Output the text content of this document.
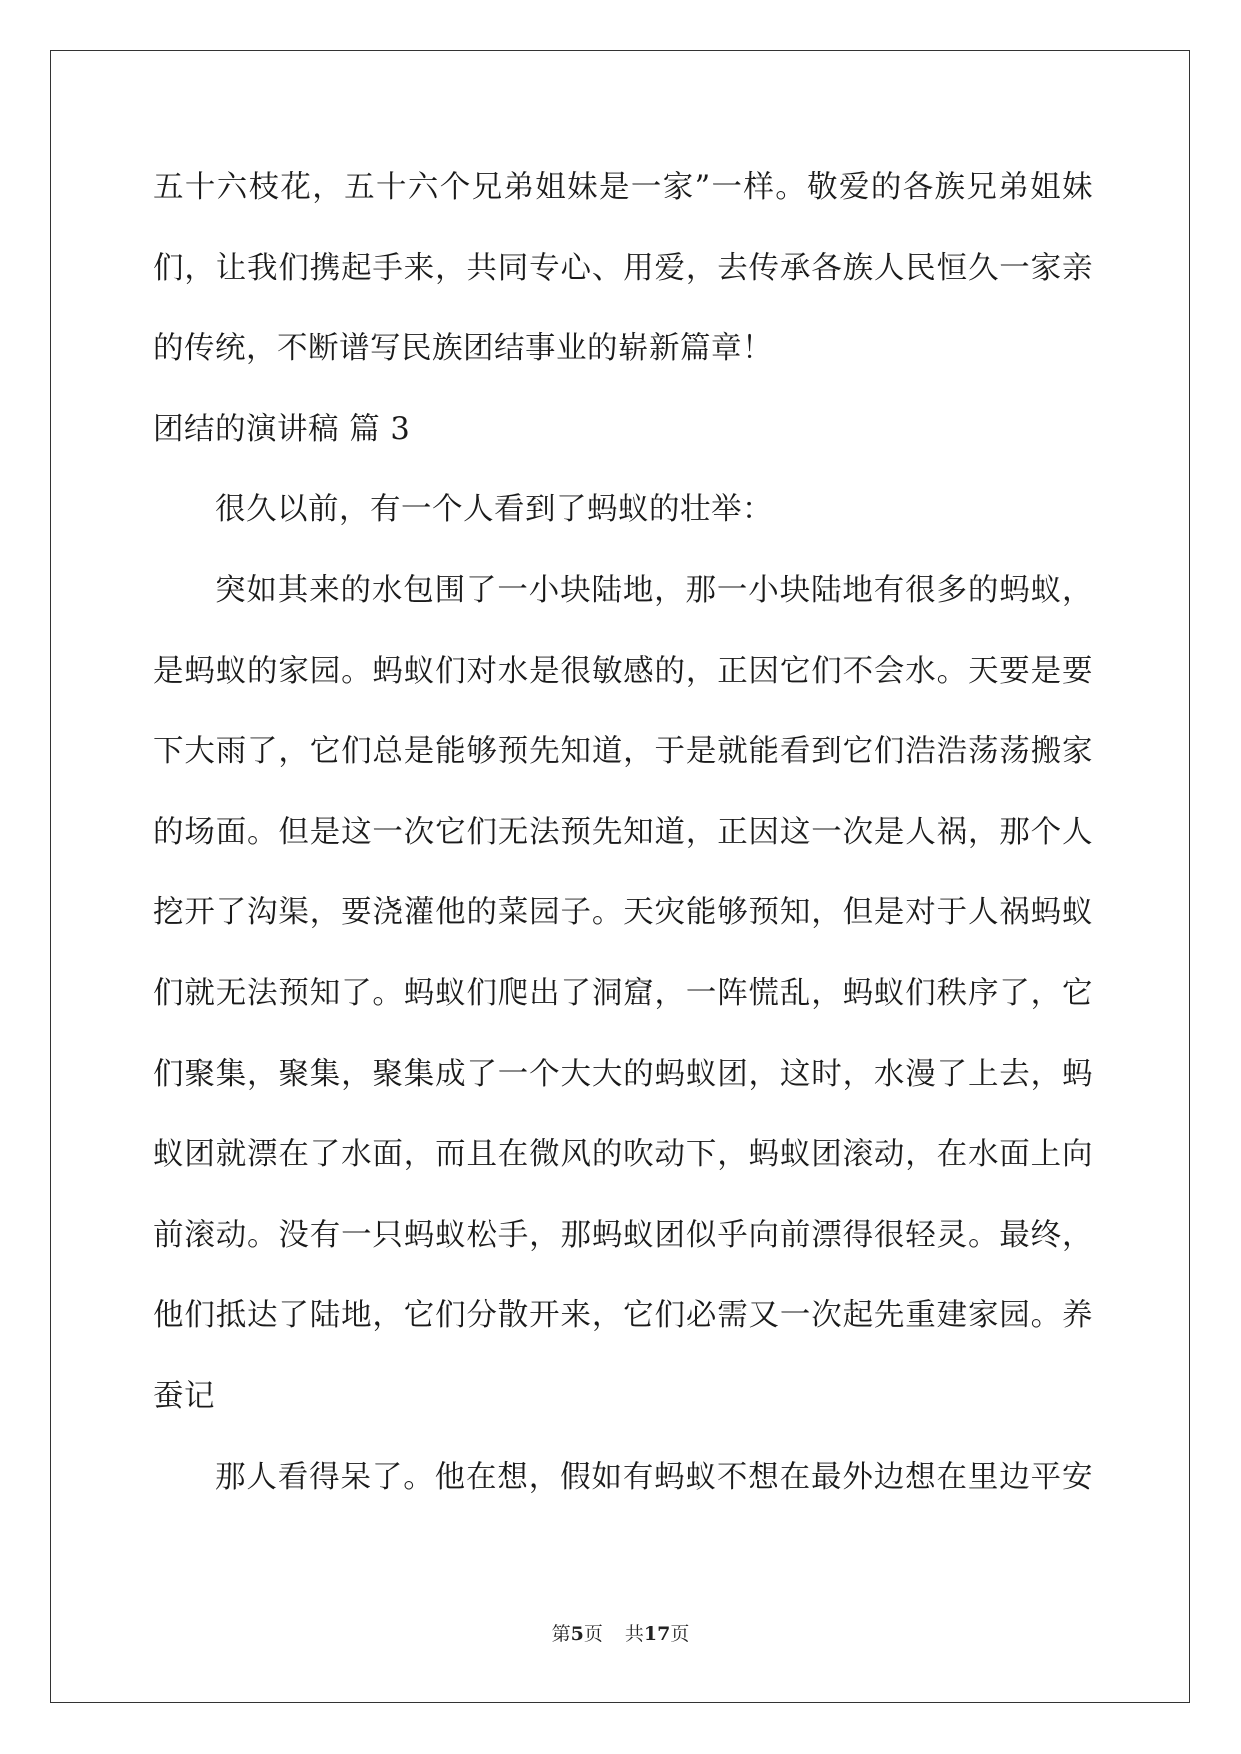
五十六枝花，五十六个兄弟姐妹是一家”一样。敬爱的各族兄弟姐妹

们，让我们携起手来，共同专心、用爱，去传承各族人民恒久一家亲

的传统，不断谱写民族团结事业的崭新篇章！

团结的演讲稿 篇 3

很久以前，有一个人看到了蚂蚁的壮举：

突如其来的水包围了一小块陆地，那一小块陆地有很多的蚂蚁，

是蚂蚁的家园。蚂蚁们对水是很敏感的，正因它们不会水。天要是要

下大雨了，它们总是能够预先知道，于是就能看到它们浩浩荡荡搬家

的场面。但是这一次它们无法预先知道，正因这一次是人祸，那个人

挖开了沟渠，要浇灌他的菜园子。天灾能够预知，但是对于人祸蚂蚁

们就无法预知了。蚂蚁们爬出了洞窟，一阵慌乱，蚂蚁们秩序了，它

们聚集，聚集，聚集成了一个大大的蚂蚁团，这时，水漫了上去，蚂

蚁团就漂在了水面，而且在微风的吹动下，蚂蚁团滚动，在水面上向

前滚动。没有一只蚂蚁松手，那蚂蚁团似乎向前漂得很轻灵。最终，

他们抵达了陆地，它们分散开来，它们必需又一次起先重建家园。养

蚕记

那人看得呆了。他在想，假如有蚂蚁不想在最外边想在里边平安

第5页 共17页
